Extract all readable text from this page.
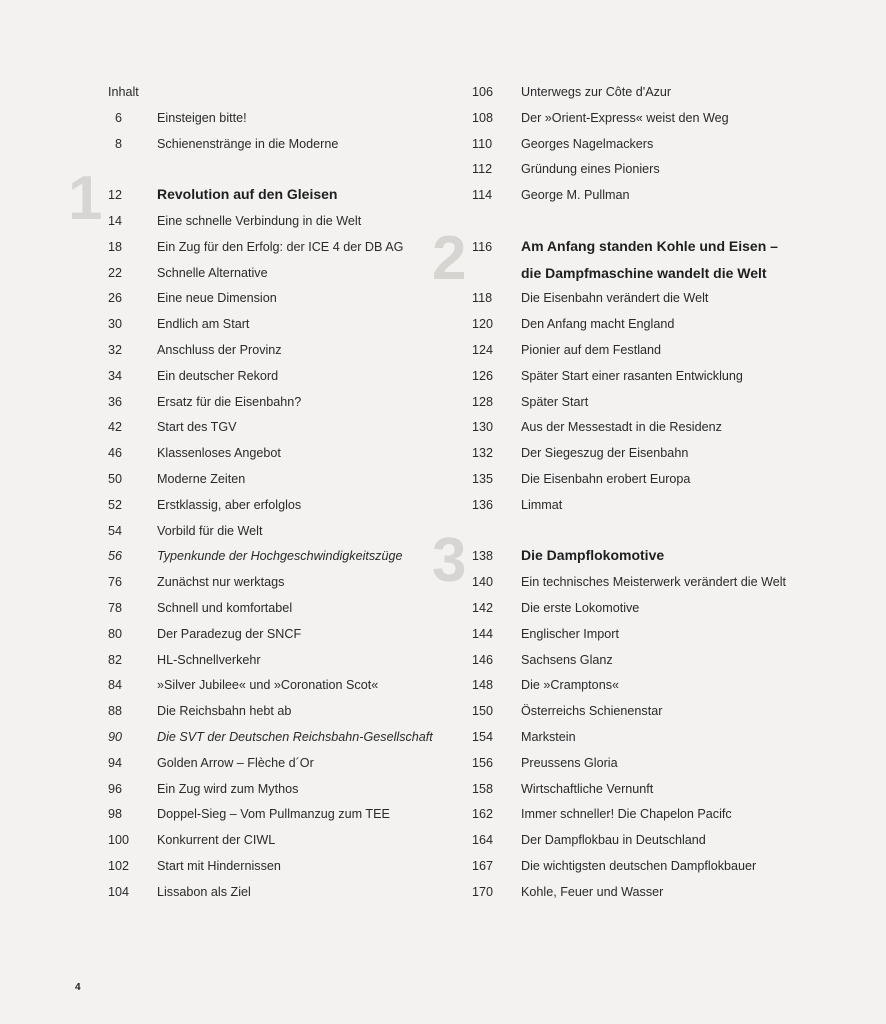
1
2
3
Inhalt
6	Einsteigen bitte!
8	Schienenstränge in die Moderne
12	Revolution auf den Gleisen
14	Eine schnelle Verbindung in die Welt
18	Ein Zug für den Erfolg: der ICE 4 der DB AG
22	Schnelle Alternative
26	Eine neue Dimension
30	Endlich am Start
32	Anschluss der Provinz
34	Ein deutscher Rekord
36	Ersatz für die Eisenbahn?
42	Start des TGV
46	Klassenloses Angebot
50	Moderne Zeiten
52	Erstklassig, aber erfolglos
54	Vorbild für die Welt
56	Typenkunde der Hochgeschwindigkeitszüge
76	Zunächst nur werktags
78	Schnell und komfortabel
80	Der Paradezug der SNCF
82	HL-Schnellverkehr
84	»Silver Jubilee« und »Coronation Scot«
88	Die Reichsbahn hebt ab
90	Die SVT der Deutschen Reichsbahn-Gesellschaft
94	Golden Arrow – Flèche d´Or
96	Ein Zug wird zum Mythos
98	Doppel-Sieg – Vom Pullmanzug zum TEE
100	Konkurrent der CIWL
102	Start mit Hindernissen
104	Lissabon als Ziel
106	Unterwegs zur Côte d'Azur
108	Der »Orient-Express« weist den Weg
110	Georges Nagelmackers
112	Gründung eines Pioniers
114	George M. Pullman
116	Am Anfang standen Kohle und Eisen –
die Dampfmaschine wandelt die Welt
118	Die Eisenbahn verändert die Welt
120	Den Anfang macht England
124	Pionier auf dem Festland
126	Später Start einer rasanten Entwicklung
128	Später Start
130	Aus der Messestadt in die Residenz
132	Der Siegeszug der Eisenbahn
135	Die Eisenbahn erobert Europa
136	Limmat
138	Die Dampflokomotive
140	Ein technisches Meisterwerk verändert die Welt
142	Die erste Lokomotive
144	Englischer Import
146	Sachsens Glanz
148	Die »Cramptons«
150	Österreichs Schienenstar
154	Markstein
156	Preussens Gloria
158	Wirtschaftliche Vernunft
162	Immer schneller! Die Chapelon Pacifc
164	Der Dampflokbau in Deutschland
167	Die wichtigsten deutschen Dampflokbauer
170	Kohle, Feuer und Wasser
4
